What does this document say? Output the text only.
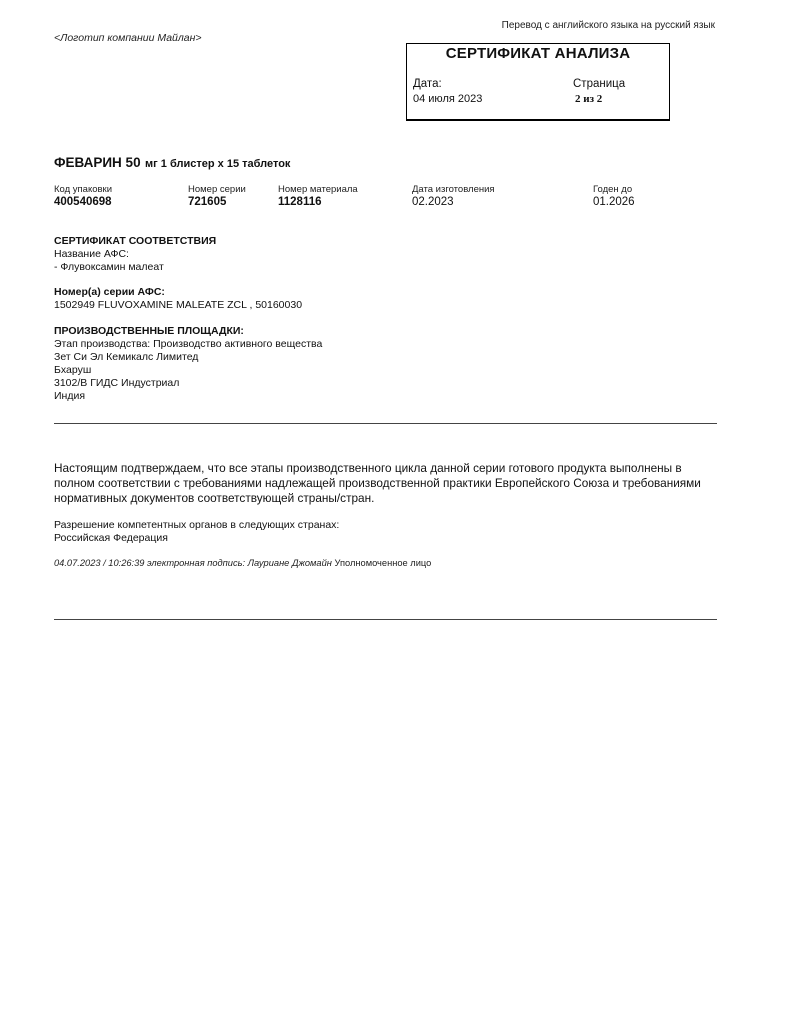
Перевод с английского языка на русский язык
<Логотип компании Майлан>
СЕРТИФИКАТ АНАЛИЗА
Дата:
04 июля 2023
Страница
2 из 2
ФЕВАРИН 50 мг 1 блистер х 15 таблеток
Код упаковки
400540698
Номер серии
721605
Номер материала
1128116
Дата изготовления
02.2023
Годен до
01.2026
СЕРТИФИКАТ СООТВЕТСТВИЯ
Название АФС:
- Флувоксамин малеат
Номер(а) серии АФС:
1502949 FLUVOXAMINE MALEATE ZCL , 50160030
ПРОИЗВОДСТВЕННЫЕ ПЛОЩАДКИ:
Этап производства: Производство активного вещества
Зет Си Эл Кемикалс Лимитед
Бхаруш
3102/В ГИДС Индустриал
Индия
Настоящим подтверждаем, что все этапы производственного цикла данной серии готового продукта выполнены в полном соответствии с требованиями надлежащей производственной практики Европейского Союза и требованиями нормативных документов соответствующей страны/стран.
Разрешение компетентных органов в следующих странах:
Российская Федерация
04.07.2023 / 10:26:39 электронная подпись: Лауриане Джомайн Уполномоченное лицо
